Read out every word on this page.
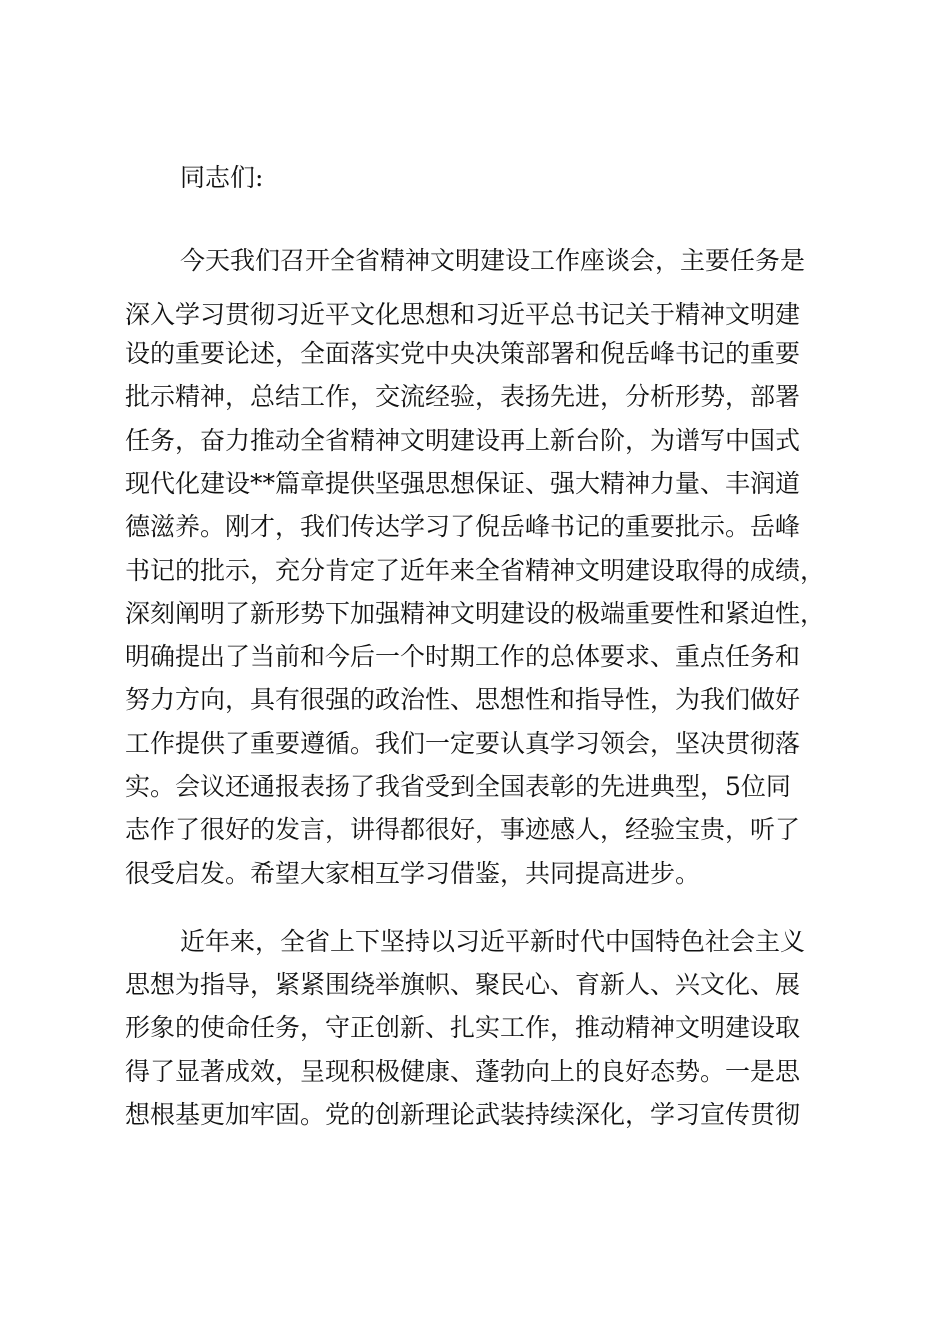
同志们:
今天我们召开全省精神文明建设工作座谈会，主要任务是
深入学习贯彻习近平文化思想和习近平总书记关于精神文明建
设的重要论述，全面落实党中央决策部署和倪岳峰书记的重要
批示精神，总结工作，交流经验，表扬先进，分析形势，部署
任务，奋力推动全省精神文明建设再上新台阶，为谱写中国式
现代化建设**篇章提供坚强思想保证、强大精神力量、丰润道
德滋养。刚才，我们传达学习了倪岳峰书记的重要批示。岳峰
书记的批示，充分肯定了近年来全省精神文明建设取得的成绩，
深刻阐明了新形势下加强精神文明建设的极端重要性和紧迫性，
明确提出了当前和今后一个时期工作的总体要求、重点任务和
努力方向，具有很强的政治性、思想性和指导性，为我们做好
工作提供了重要遵循。我们一定要认真学习领会，坚决贯彻落
实。会议还通报表扬了我省受到全国表彰的先进典型，5位同
志作了很好的发言，讲得都很好，事迹感人，经验宝贵，听了
很受启发。希望大家相互学习借鉴，共同提高进步。
近年来，全省上下坚持以习近平新时代中国特色社会主义
思想为指导，紧紧围绕举旗帜、聚民心、育新人、兴文化、展
形象的使命任务，守正创新、扎实工作，推动精神文明建设取
得了显著成效，呈现积极健康、蓬勃向上的良好态势。一是思
想根基更加牢固。党的创新理论武装持续深化，学习宣传贯彻
